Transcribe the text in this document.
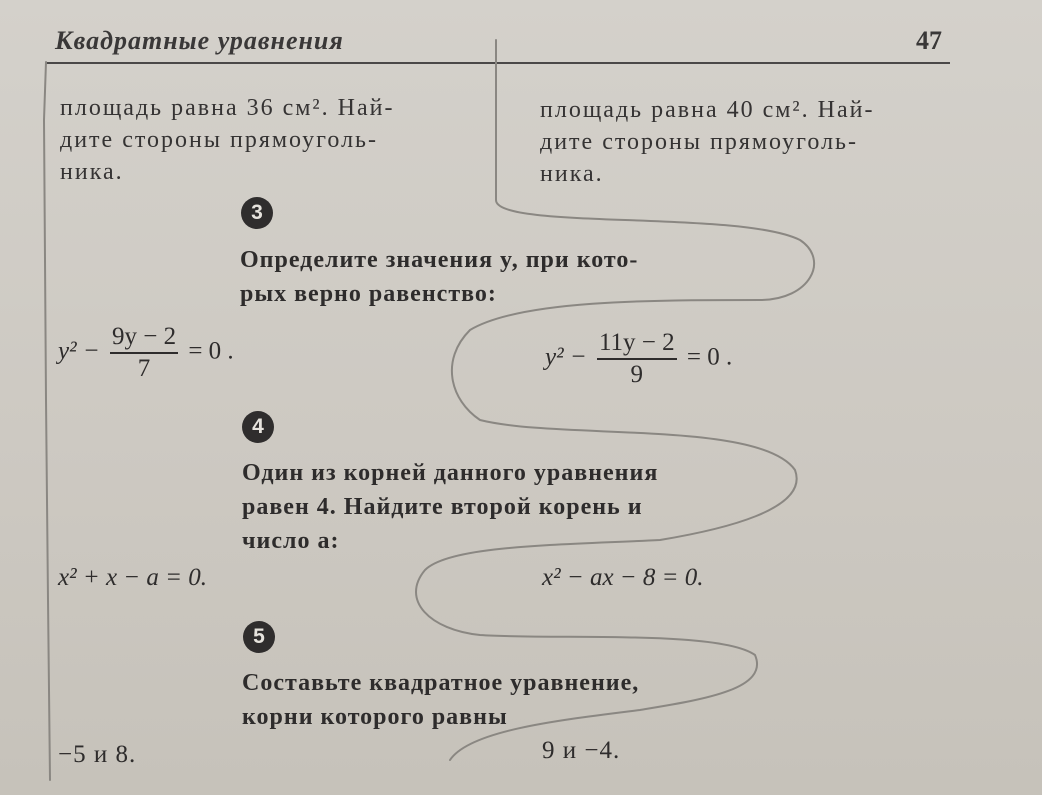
Квадратные уравнения	47
площадь равна 36 см². Най-
дите стороны прямоуголь-
ника.
площадь равна 40 см². Най-
дите стороны прямоуголь-
ника.
3
Определите значения y, при кото-
рых верно равенство:
$y^2 - \frac{9y - 2}{7} = 0$ .	$y^2 - \frac{11y - 2}{9} = 0$ .
4
Один из корней данного уравнения
равен 4. Найдите второй корень и
число a:
x² + x − a = 0.	x² − ax − 8 = 0.
5
Составьте квадратное уравнение,
корни которого равны
−5 и 8.	9 и −4.
